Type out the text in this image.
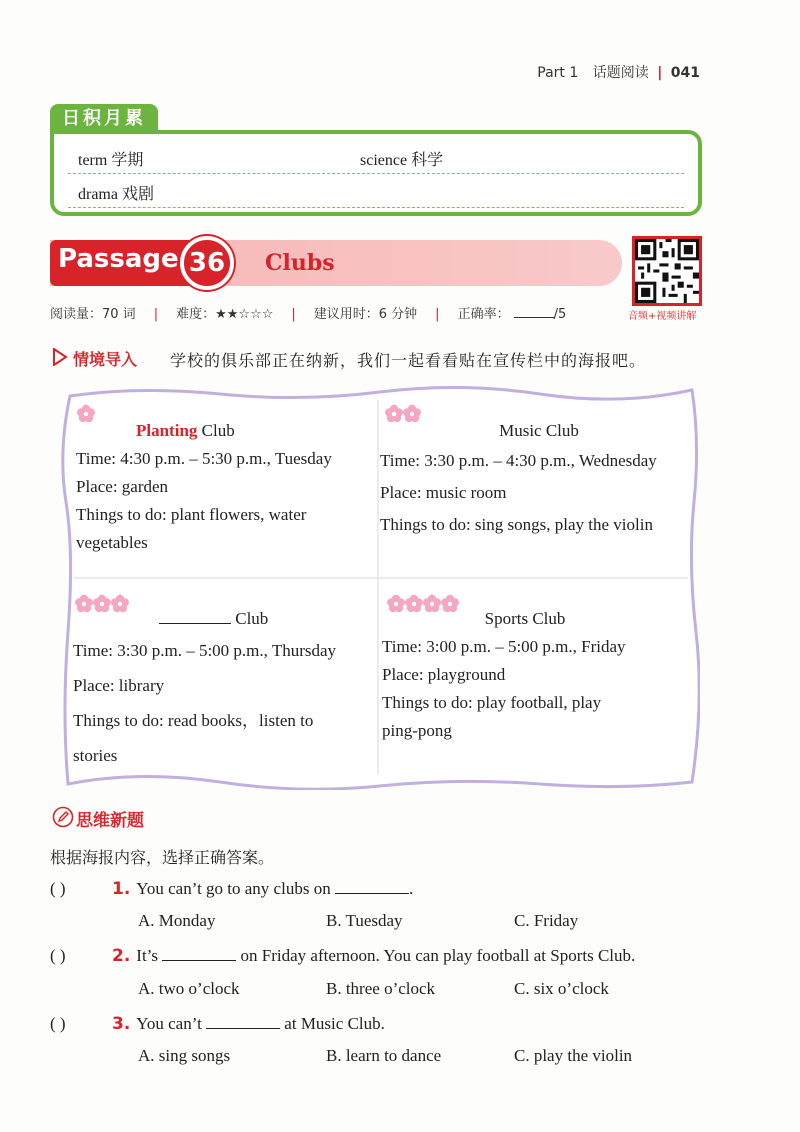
Part 1 话题阅读 | 041
term 学期	science 科学
drama 戏剧
日积月累
Passage 36	Clubs
音频+视频讲解
阅读量：70 词 | 难度：★★☆☆☆ | 建议用时：6 分钟 | 正确率：	/5
情境导入 学校的俱乐部正在纳新，我们一起看看贴在宣传栏中的海报吧。
Planting Club
Time: 4:30 p.m. – 5:30 p.m., Tuesday
Place: garden
Things to do: plant flowers, water
vegetables
Music Club
Time: 3:30 p.m. – 4:30 p.m., Wednesday
Place: music room
Things to do: sing songs, play the violin
Club
Time: 3:30 p.m. – 5:00 p.m., Thursday
Place: library
Things to do: read books，listen to
stories
Sports Club
Time: 3:00 p.m. – 5:00 p.m., Friday
Place: playground
Things to do: play football, play
ping-pong
思维新题
根据海报内容，选择正确答案。
( )	1. You can’t go to any clubs on	.
A. Monday	B. Tuesday	C. Friday
( )	2. It’s	on Friday afternoon. You can play football at Sports Club.
A. two o’clock	B. three o’clock	C. six o’clock
( )	3. You can’t	at Music Club.
A. sing songs	B. learn to dance	C. play the violin
